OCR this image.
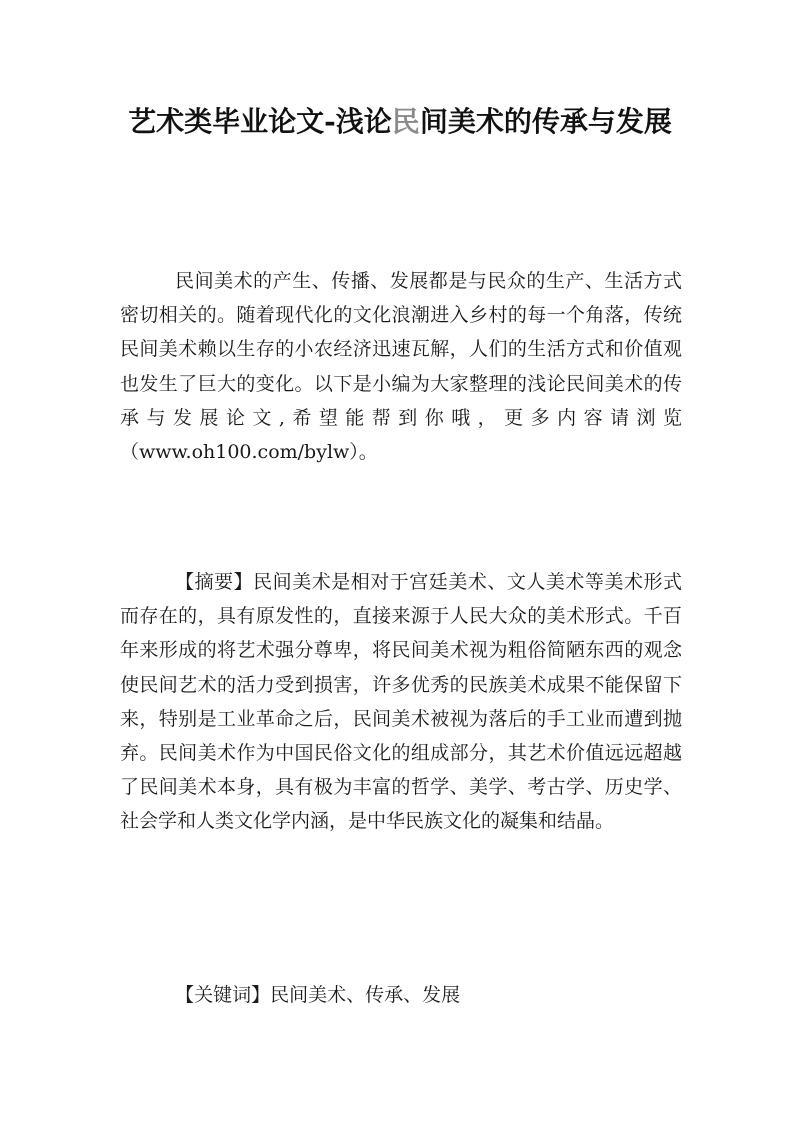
艺术类毕业论文-浅论民间美术的传承与发展

民间美术的产生、传播、发展都是与民众的生产、生活方式密切相关的。随着现代化的文化浪潮进入乡村的每一个角落，传统民间美术赖以生存的小农经济迅速瓦解，人们的生活方式和价值观也发生了巨大的变化。以下是小编为大家整理的浅论民间美术的传承与发展论文,希望能帮到你哦，更多内容请浏览（www.oh100.com/bylw）。

【摘要】民间美术是相对于宫廷美术、文人美术等美术形式而存在的，具有原发性的，直接来源于人民大众的美术形式。千百年来形成的将艺术强分尊卑，将民间美术视为粗俗简陋东西的观念使民间艺术的活力受到损害，许多优秀的民族美术成果不能保留下来，特别是工业革命之后，民间美术被视为落后的手工业而遭到抛弃。民间美术作为中国民俗文化的组成部分，其艺术价值远远超越了民间美术本身，具有极为丰富的哲学、美学、考古学、历史学、社会学和人类文化学内涵，是中华民族文化的凝集和结晶。

【关键词】民间美术、传承、发展
